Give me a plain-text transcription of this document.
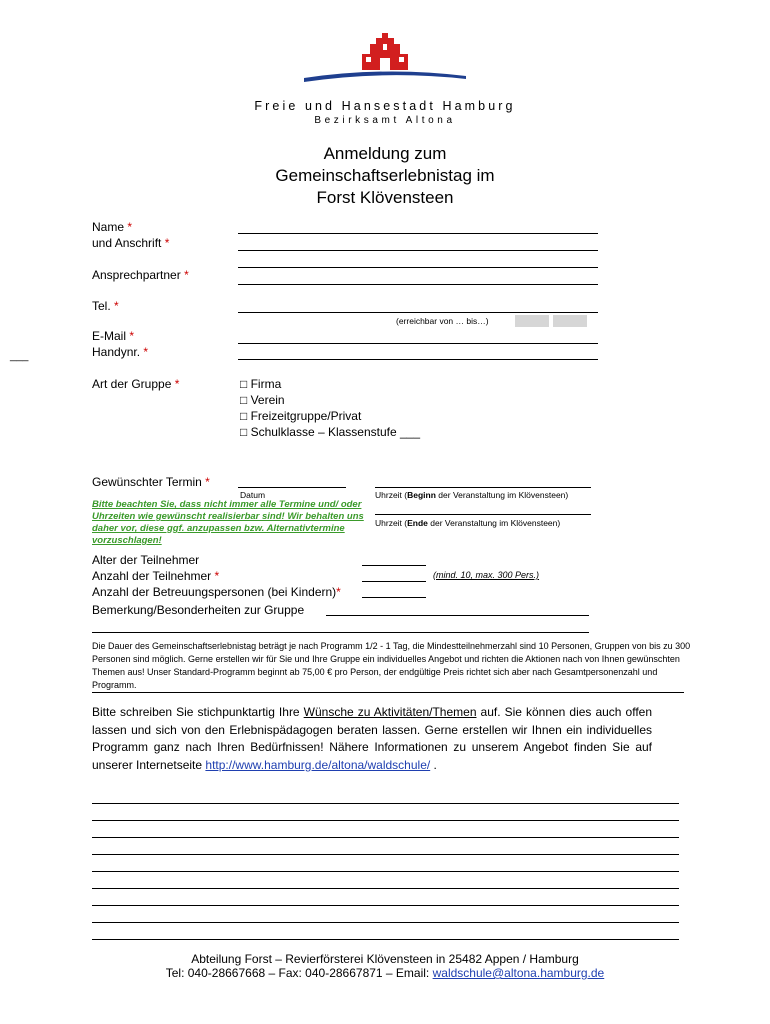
Freie und Hansestadt Hamburg
Bezirksamt Altona
Anmeldung zum
Gemeinschaftserlebnistag im
Forst Klövensteen
Name *
und Anschrift *
Ansprechpartner *
Tel. *
(erreichbar von … bis…)
E-Mail *
Handynr. *
___
Art der Gruppe *	□ Firma
□ Verein
□ Freizeitgruppe/Privat
□ Schulklasse – Klassenstufe ___
Gewünschter Termin *
Datum	Uhrzeit (Beginn der Veranstaltung im Klövensteen)
Uhrzeit (Ende der Veranstaltung im Klövensteen)
Bitte beachten Sie, dass nicht immer alle Termine und/ oder Uhrzeiten wie gewünscht realisierbar sind! Wir behalten uns daher vor, diese ggf. anzupassen bzw. Alternativtermine vorzuschlagen!
Alter der Teilnehmer
Anzahl der Teilnehmer *	(mind. 10, max. 300 Pers.)
Anzahl der Betreuungspersonen (bei Kindern)*
Bemerkung/Besonderheiten zur Gruppe
Die Dauer des Gemeinschaftserlebnistag beträgt je nach Programm 1/2 - 1 Tag, die Mindestteilnehmerzahl sind 10 Personen, Gruppen von bis zu 300 Personen sind möglich. Gerne erstellen wir für Sie und Ihre Gruppe ein individuelles Angebot und richten die Aktionen nach von Ihnen gewünschten Themen aus! Unser Standard-Programm beginnt ab 75,00 € pro Person, der endgültige Preis richtet sich aber nach Gesamtpersonenzahl und Programm.
Bitte schreiben Sie stichpunktartig Ihre Wünsche zu Aktivitäten/Themen auf. Sie können dies auch offen lassen und sich von den Erlebnispädagogen beraten lassen. Gerne erstellen wir Ihnen ein individuelles Programm ganz nach Ihren Bedürfnissen! Nähere Informationen zu unserem Angebot finden Sie auf unserer Internetseite http://www.hamburg.de/altona/waldschule/ .
Abteilung Forst – Revierförsterei Klövensteen in 25482 Appen / Hamburg
Tel: 040-28667668 – Fax: 040-28667871 – Email: waldschule@altona.hamburg.de
